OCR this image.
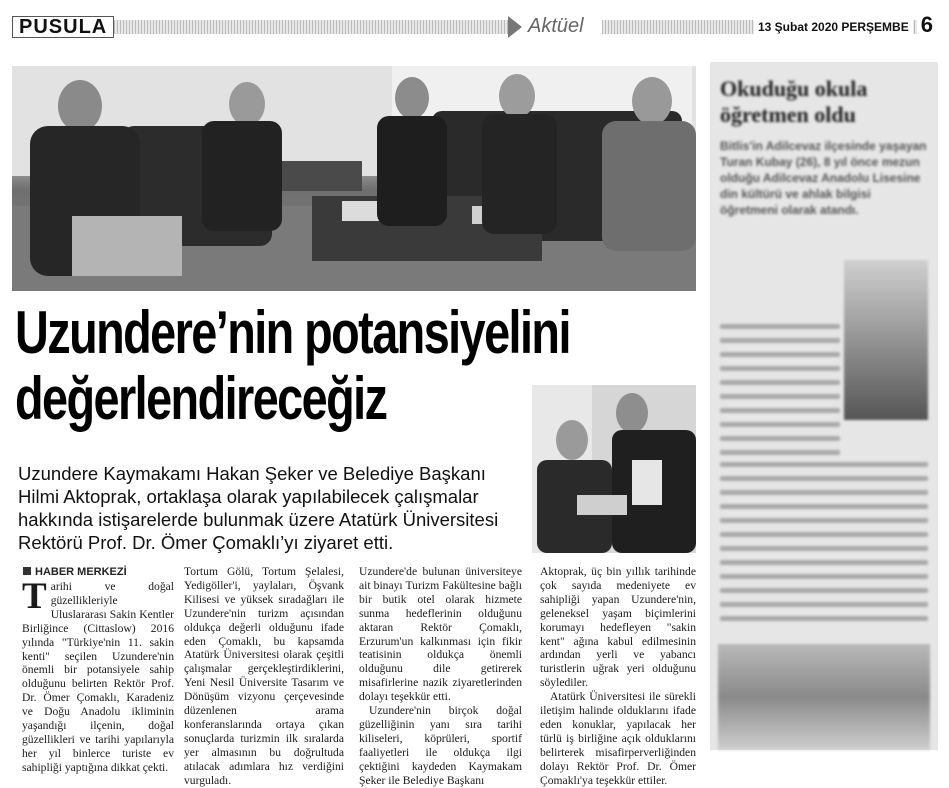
PUSULA	Aktüel	13 Şubat 2020 PERŞEMBE 6
Uzundere’nin potansiyelini
değerlendireceğiz

Uzundere Kaymakamı Hakan Şeker ve Belediye Başkanı Hilmi Aktoprak, ortaklaşa olarak yapılabilecek çalışmalar hakkında istişarelerde bulunmak üzere Atatürk Üniversitesi Rektörü Prof. Dr. Ömer Çomaklı’yı ziyaret etti.

HABER MERKEZİ

Tarihi ve doğal güzellikleriyle Uluslararası Sakin Kentler Birliğince (Cittaslow) 2016 yılında "Türkiye'nin 11. sakin kenti" seçilen Uzundere'nin önemli bir potansiyele sahip olduğunu belirten Rektör Prof. Dr. Ömer Çomaklı, Karadeniz ve Doğu Anadolu ikliminin yaşandığı ilçenin, doğal güzellikleri ve tarihi yapılarıyla her yıl binlerce turiste ev sahipliği yaptığına dikkat çekti.

Tortum Gölü, Tortum Şelalesi, Yedigöller'i, yaylaları, Öşvank Kilisesi ve yüksek sıradağları ile Uzundere'nin turizm açısından oldukça değerli olduğunu ifade eden Çomaklı, bu kapsamda Atatürk Üniversitesi olarak çeşitli çalışmalar gerçekleştirdiklerini, Yeni Nesil Üniversite Tasarım ve Dönüşüm vizyonu çerçevesinde düzenlenen arama konferanslarında ortaya çıkan sonuçlarda turizmin ilk sıralarda yer almasının bu doğrultuda atılacak adımlara hız verdiğini vurguladı.

Uzundere'de bulunan üniversiteye ait binayı Turizm Fakültesine bağlı bir butik otel olarak hizmete sunma hedeflerinin olduğunu aktaran Rektör Çomaklı, Erzurum'un kalkınması için fikir teatisinin oldukça önemli olduğunu dile getirerek misafirlerine nazik ziyaretlerinden dolayı teşekkür etti.

Uzundere'nin birçok doğal güzelliğinin yanı sıra tarihi kiliseleri, köprüleri, sportif faaliyetleri ile oldukça ilgi çektiğini kaydeden Kaymakam Şeker ile Belediye Başkanı

Aktoprak, üç bin yıllık tarihinde çok sayıda medeniyete ev sahipliği yapan Uzundere'nin, geleneksel yaşam biçimlerini korumayı hedefleyen "sakin kent" ağına kabul edilmesinin ardından yerli ve yabancı turistlerin uğrak yeri olduğunu söylediler.

Atatürk Üniversitesi ile sürekli iletişim halinde olduklarını ifade eden konuklar, yapılacak her türlü iş birliğine açık olduklarını belirterek misafirperverliğinden dolayı Rektör Prof. Dr. Ömer Çomaklı'ya teşekkür ettiler.

Okuduğu okula öğretmen oldu

Bitlis'in Adilcevaz ilçesinde yaşayan Turan Kubay (26), 8 yıl önce mezun olduğu Adilcevaz Anadolu Lisesine din kültürü ve ahlak bilgisi öğretmeni olarak atandı.
